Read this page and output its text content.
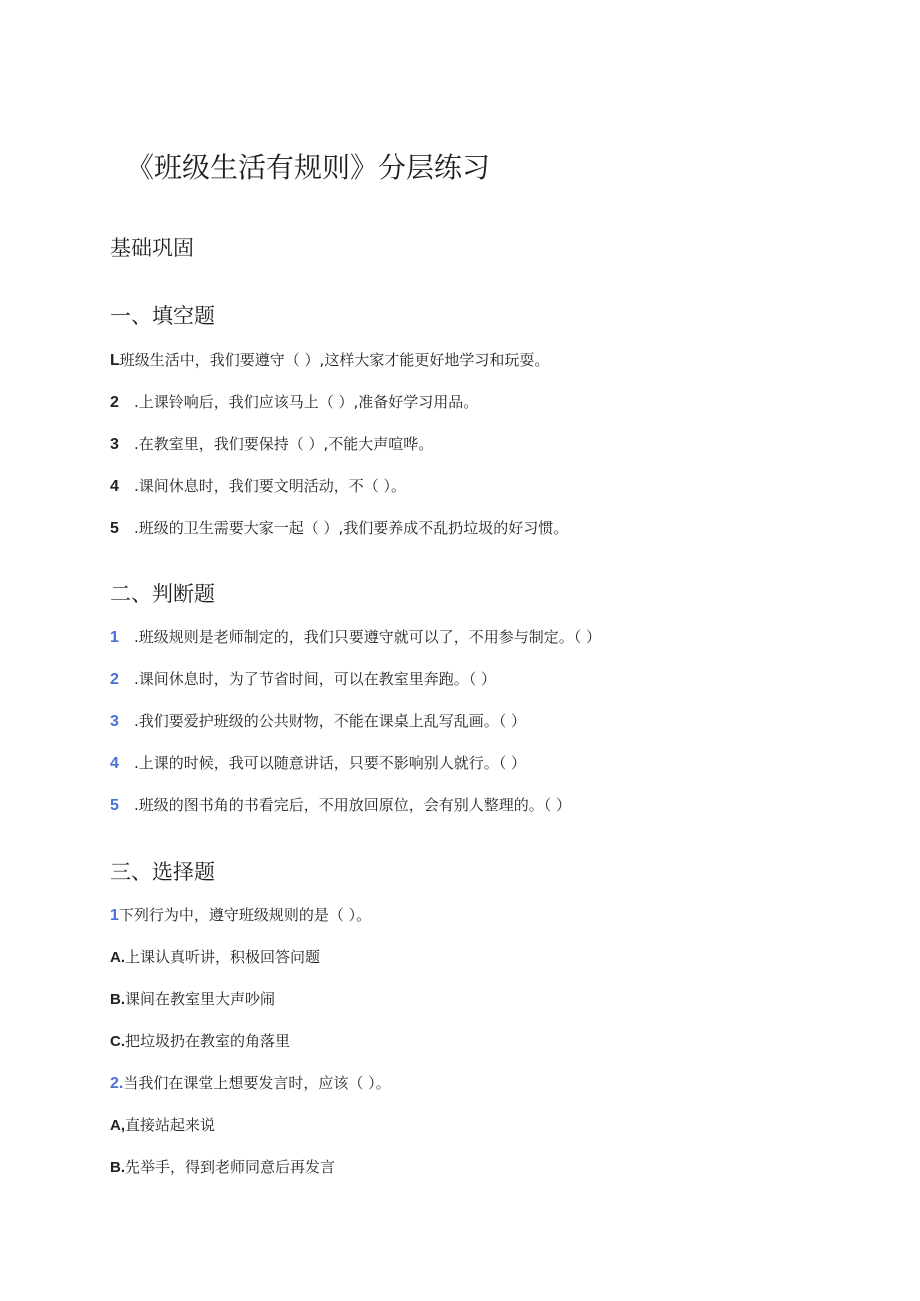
《班级生活有规则》分层练习
基础巩固
一、填空题
L班级生活中，我们要遵守（ ）,这样大家才能更好地学习和玩耍。
2 .上课铃响后，我们应该马上（ ）,准备好学习用品。
3 .在教室里，我们要保持（ ）,不能大声喧哗。
4 .课间休息时，我们要文明活动，不（ ）。
5 .班级的卫生需要大家一起（ ）,我们要养成不乱扔垃圾的好习惯。
二、判断题
1 .班级规则是老师制定的，我们只要遵守就可以了，不用参与制定。（ ）
2 .课间休息时，为了节省时间，可以在教室里奔跑。（ ）
3 .我们要爱护班级的公共财物，不能在课桌上乱写乱画。（ ）
4 .上课的时候，我可以随意讲话，只要不影响别人就行。（ ）
5 .班级的图书角的书看完后，不用放回原位，会有别人整理的。（ ）
三、选择题
1下列行为中，遵守班级规则的是（ ）。
A.上课认真听讲，积极回答问题
B.课间在教室里大声吵闹
C.把垃圾扔在教室的角落里
2.当我们在课堂上想要发言时，应该（ ）。
A,直接站起来说
B.先举手，得到老师同意后再发言
